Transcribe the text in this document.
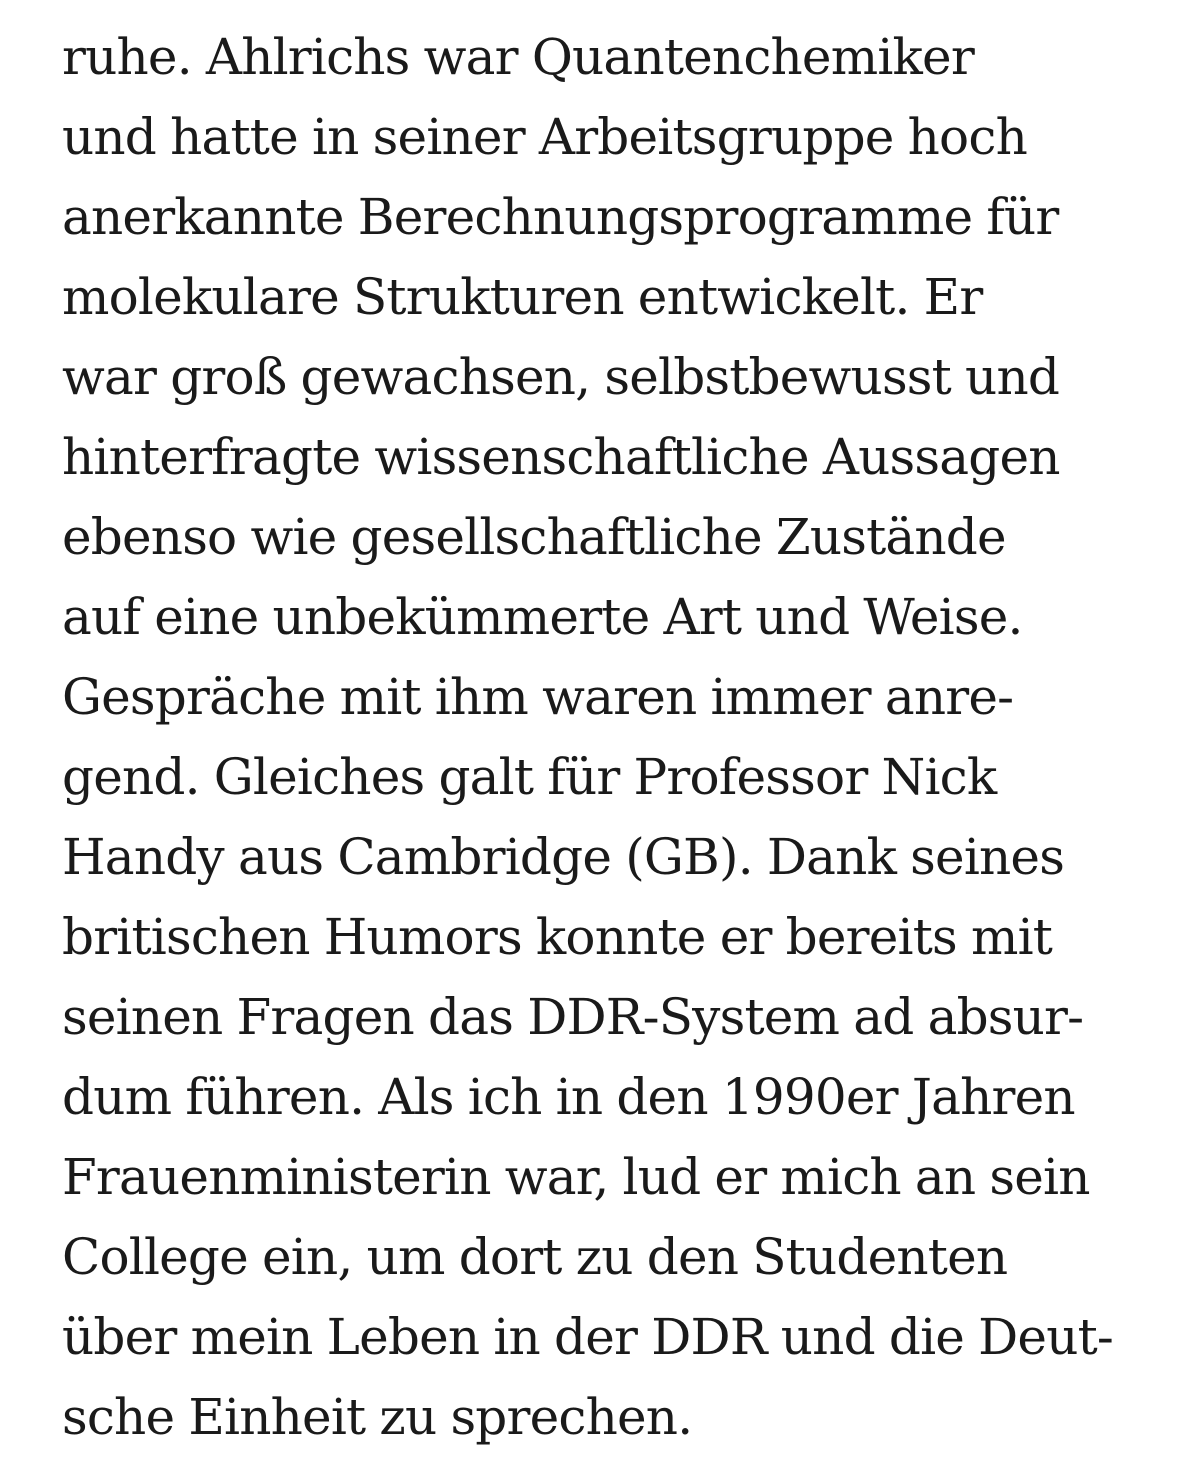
ruhe. Ahlrichs war Quantenchemiker
und hatte in seiner Arbeitsgruppe hoch
anerkannte Berechnungsprogramme für
molekulare Strukturen entwickelt. Er
war groß gewachsen, selbstbewusst und
hinterfragte wissenschaftliche Aussagen
ebenso wie gesellschaftliche Zustände
auf eine unbekümmerte Art und Weise.
Gespräche mit ihm waren immer anre-
gend. Gleiches galt für Professor Nick
Handy aus Cambridge (GB). Dank seines
britischen Humors konnte er bereits mit
seinen Fragen das DDR-System ad absur-
dum führen. Als ich in den 1990er Jahren
Frauenministerin war, lud er mich an sein
College ein, um dort zu den Studenten
über mein Leben in der DDR und die Deut-
sche Einheit zu sprechen.
